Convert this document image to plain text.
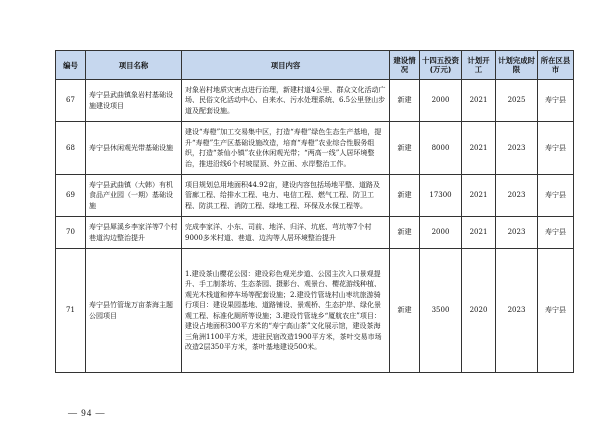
编号	项目名称	项目内容	建设情况	十四五投资(万元)	计划开工	计划完成时限	所在区县市
67	寿宁县武曲镇象岩村基础设施建设项目	对象岩村地质灾害点进行治理，新建村道4公里、群众文化活动广场、民俗文化活动中心、自来水、污水处理系统、6.5公里登山步道及配套设施。	新建	2000	2021	2025	寿宁县
68	寿宁县休闲观光带基础设施	建设“寿橙”加工交易集中区，打造“寿橙”绿色生态生产基地，提升“寿橙”生产区基础设施改造，培育“寿橙”农业综合性服务组织，打造“茶仙小镇”农业休闲观光带；“两高一线”人居环境整治，推进沿线6个村坡屋顶、外立面、水岸整治工作。	新建	8000	2021	2023	寿宁县
69	寿宁县武曲镇（大韩）有机食品产业园（一期）基础设施	项目规划总用地面积44.92亩，建设内容包括场地平整、道路及管廊工程、给排水工程、电力、电信工程、燃气工程、防卫工程、防洪工程、消防工程、绿地工程、环保及水保工程等。	新建	17300	2021	2023	寿宁县
70	寿宁县犀溪乡李家洋等7个村巷道沟边整治提升	完成李家洋、小东、司前、地洋、归洋、坑底、芎坑等7个村9000多米村道、巷道、边沟等人居环境整治提升	新建	2000	2021	2023	寿宁县
71	寿宁县竹管垅万亩茶海主题公园项目	1.建设茶山樱花公园：建设彩色观光步道、公园主次入口景观提升、手工制茶坊、生态茶园、摄影台、观景台、樱花游线种植、观光木栈道和停车场等配套设施；2.建设竹管垅村山枣坑旅游骑行项目：建设果园基地、道路铺设、景观桥、生态护岸、绿化景观工程、标准化厕所等设施；3.建设竹管垅乡“厦航农庄”项目：建设占地面积300平方米的“寿宁高山茶”文化展示馆，建设茶海三角洲1100平方米，进驻民宿改造1900平方米，茶叶交易市场改造2层350平方米，茶叶基地建设500米。	新建	3500	2020	2023	寿宁县
— 94 —
